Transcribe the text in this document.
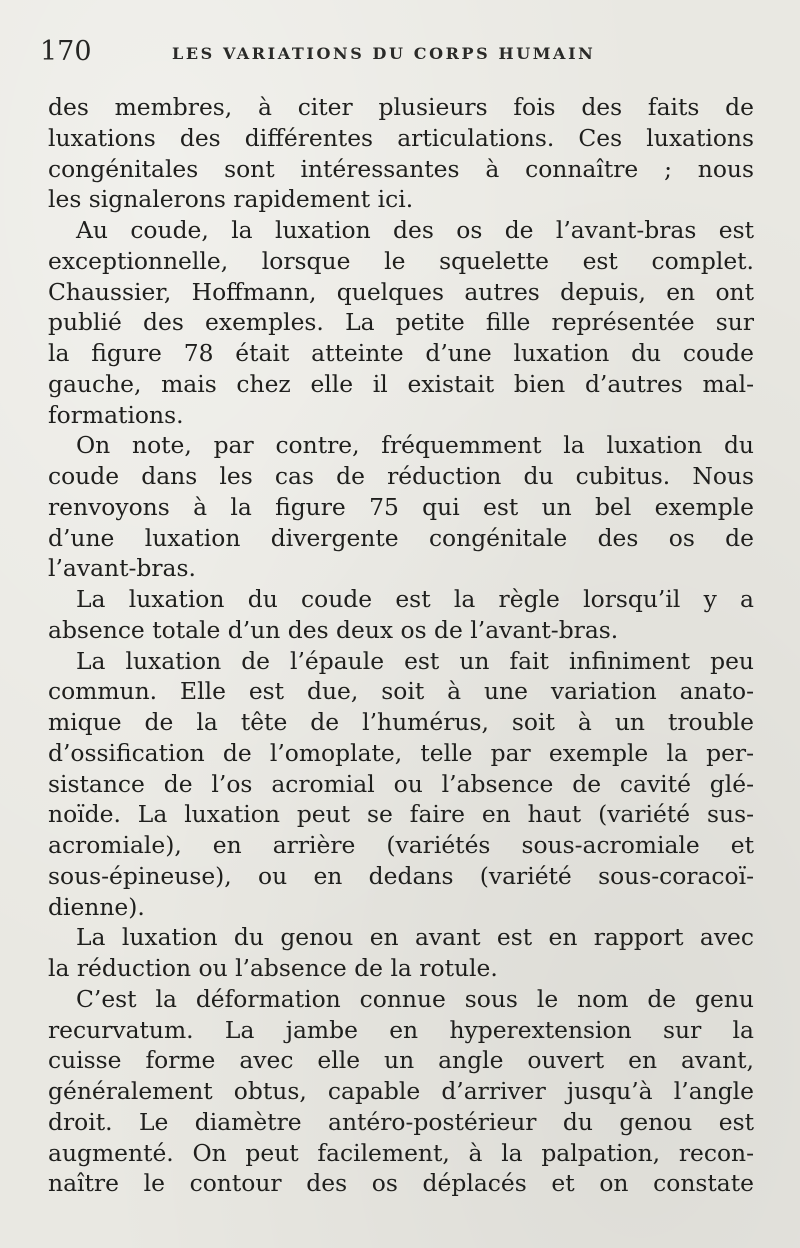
170	LES VARIATIONS DU CORPS HUMAIN
des membres, à citer plusieurs fois des faits de
luxations des différentes articulations. Ces luxations
congénitales sont intéressantes à connaître ; nous
les signalerons rapidement ici.
Au coude, la luxation des os de l’avant-bras est
exceptionnelle, lorsque le squelette est complet.
Chaussier, Hoffmann, quelques autres depuis, en ont
publié des exemples. La petite fille représentée sur
la figure 78 était atteinte d’une luxation du coude
gauche, mais chez elle il existait bien d’autres mal-
formations.
On note, par contre, fréquemment la luxation du
coude dans les cas de réduction du cubitus. Nous
renvoyons à la figure 75 qui est un bel exemple
d’une luxation divergente congénitale des os de
l’avant-bras.
La luxation du coude est la règle lorsqu’il y a
absence totale d’un des deux os de l’avant-bras.
La luxation de l’épaule est un fait infiniment peu
commun. Elle est due, soit à une variation anato-
mique de la tête de l’humérus, soit à un trouble
d’ossification de l’omoplate, telle par exemple la per-
sistance de l’os acromial ou l’absence de cavité glé-
noïde. La luxation peut se faire en haut (variété sus-
acromiale), en arrière (variétés sous-acromiale et
sous-épineuse), ou en dedans (variété sous-coracoï-
dienne).
La luxation du genou en avant est en rapport avec
la réduction ou l’absence de la rotule.
C’est la déformation connue sous le nom de genu
recurvatum. La jambe en hyperextension sur la
cuisse forme avec elle un angle ouvert en avant,
généralement obtus, capable d’arriver jusqu’à l’angle
droit. Le diamètre antéro-postérieur du genou est
augmenté. On peut facilement, à la palpation, recon-
naître le contour des os déplacés et on constate
